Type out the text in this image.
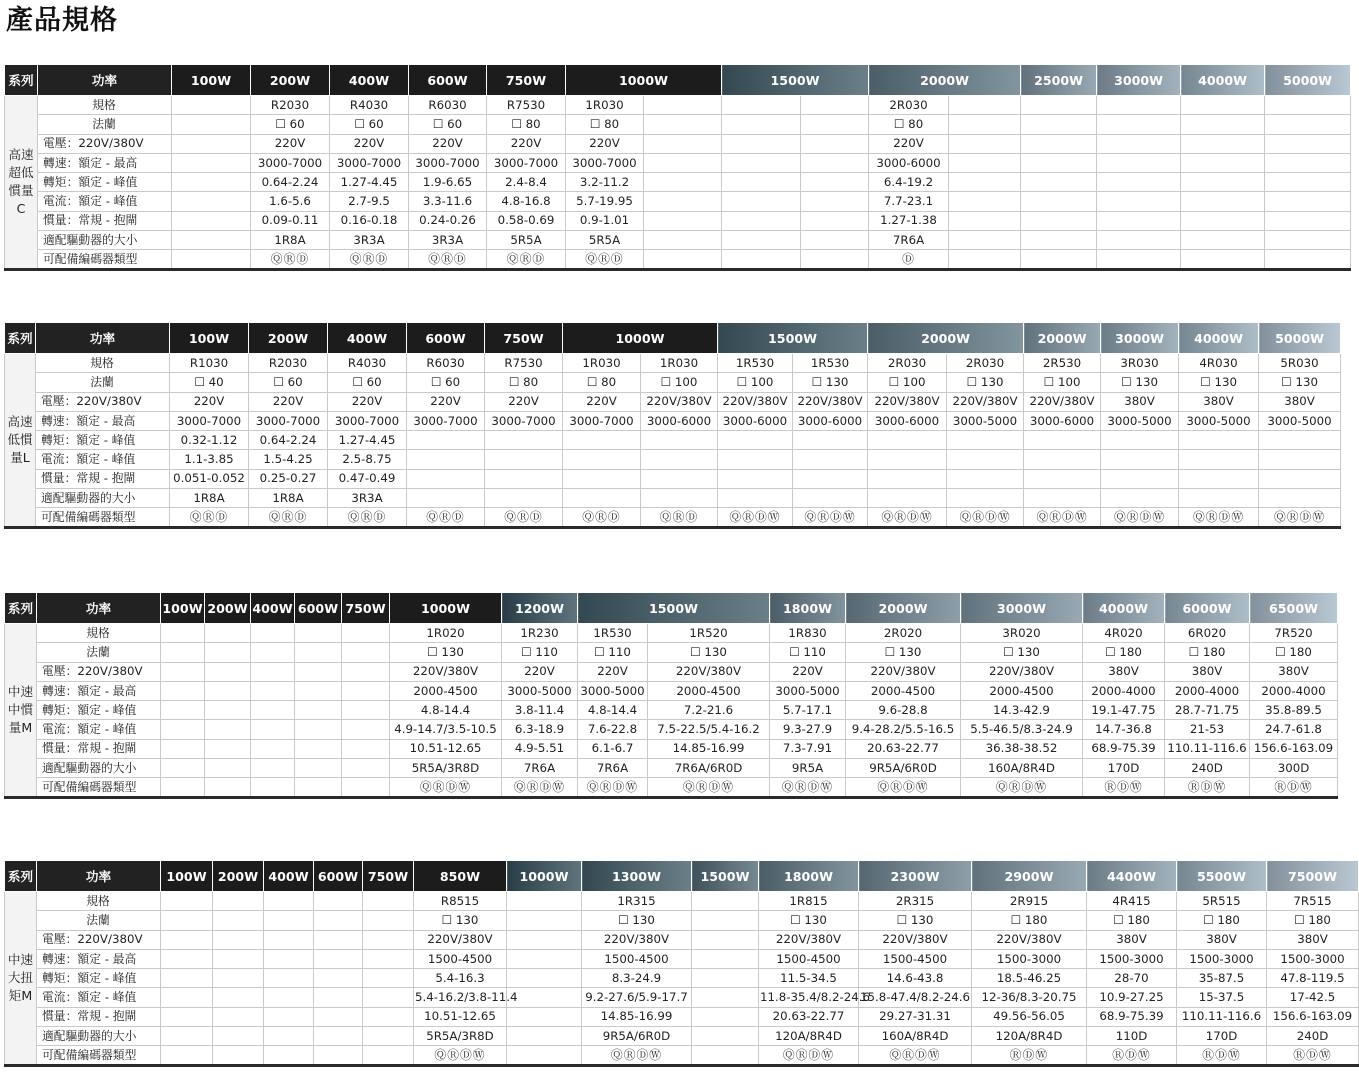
產品規格
系列	功率	100W	200W	400W	600W	750W	1000W		1500W		2000W		2500W	3000W	4000W	5000W
高速超低慣量C	規格		R2030	R4030	R6030	R7530	1R030				2R030					
	法蘭		☐ 60	☐ 60	☐ 60	☐ 80	☐ 80				☐ 80					
	電壓：220V/380V		220V	220V	220V	220V	220V				220V					
	轉速：額定 - 最高		3000-7000	3000-7000	3000-7000	3000-7000	3000-7000				3000-6000					
	轉矩：額定 - 峰值		0.64-2.24	1.27-4.45	1.9-6.65	2.4-8.4	3.2-11.2				6.4-19.2					
	電流：額定 - 峰值		1.6-5.6	2.7-9.5	3.3-11.6	4.8-16.8	5.7-19.95				7.7-23.1					
	慣量：常規 - 抱閘		0.09-0.11	0.16-0.18	0.24-0.26	0.58-0.69	0.9-1.01				1.27-1.38					
	適配驅動器的大小		1R8A	3R3A	3R3A	5R5A	5R5A				7R6A					
	可配備編碼器類型		ⓆⓇⒹ	ⓆⓇⒹ	ⓆⓇⒹ	ⓆⓇⒹ	ⓆⓇⒹ				Ⓓ					
系列	功率	100W	200W	400W	600W	750W	1000W		1500W		2000W		2000W	3000W	4000W	5000W
高速低慣量L	規格	R1030	R2030	R4030	R6030	R7530	1R030	1R030	1R530	1R530	2R030	2R030	2R530	3R030	4R030	5R030
	法蘭	☐ 40	☐ 60	☐ 60	☐ 60	☐ 80	☐ 80	☐ 100	☐ 100	☐ 130	☐ 100	☐ 130	☐ 100	☐ 130	☐ 130	☐ 130
	電壓：220V/380V	220V	220V	220V	220V	220V	220V	220V/380V	220V/380V	220V/380V	220V/380V	220V/380V	220V/380V	380V	380V	380V
	轉速：額定 - 最高	3000-7000	3000-7000	3000-7000	3000-7000	3000-7000	3000-7000	3000-6000	3000-6000	3000-6000	3000-6000	3000-5000	3000-6000	3000-5000	3000-5000	3000-5000
	轉矩：額定 - 峰值	0.32-1.12	0.64-2.24	1.27-4.45												
	電流：額定 - 峰值	1.1-3.85	1.5-4.25	2.5-8.75												
	慣量：常規 - 抱閘	0.051-0.052	0.25-0.27	0.47-0.49												
	適配驅動器的大小	1R8A	1R8A	3R3A												
	可配備編碼器類型	ⓆⓇⒹ	ⓆⓇⒹ	ⓆⓇⒹ	ⓆⓇⒹ	ⓆⓇⒹ	ⓆⓇⒹ	ⓆⓇⒹ	ⓆⓇⒹⓌ	ⓆⓇⒹⓌ	ⓆⓇⒹⓌ	ⓆⓇⒹⓌ	ⓆⓇⒹⓌ	ⓆⓇⒹⓌ	ⓆⓇⒹⓌ	ⓆⓇⒹⓌ
系列	功率	100W	200W	400W	600W	750W	1000W	1200W	1500W		1800W	2000W	3000W	4000W	6000W	6500W
中速中慣量M	規格						1R020	1R230	1R530	1R520	1R830	2R020	3R020	4R020	6R020	7R520
	法蘭						☐ 130	☐ 110	☐ 110	☐ 130	☐ 110	☐ 130	☐ 130	☐ 180	☐ 180	☐ 180
	電壓：220V/380V						220V/380V	220V	220V	220V/380V	220V	220V/380V	220V/380V	380V	380V	380V
	轉速：額定 - 最高						2000-4500	3000-5000	3000-5000	2000-4500	3000-5000	2000-4500	2000-4500	2000-4000	2000-4000	2000-4000
	轉矩：額定 - 峰值						4.8-14.4	3.8-11.4	4.8-14.4	7.2-21.6	5.7-17.1	9.6-28.8	14.3-42.9	19.1-47.75	28.7-71.75	35.8-89.5
	電流：額定 - 峰值						4.9-14.7/3.5-10.5	6.3-18.9	7.6-22.8	7.5-22.5/5.4-16.2	9.3-27.9	9.4-28.2/5.5-16.5	5.5-46.5/8.3-24.9	14.7-36.8	21-53	24.7-61.8
	慣量：常規 - 抱閘						10.51-12.65	4.9-5.51	6.1-6.7	14.85-16.99	7.3-7.91	20.63-22.77	36.38-38.52	68.9-75.39	110.11-116.6	156.6-163.09
	適配驅動器的大小						5R5A/3R8D	7R6A	7R6A	7R6A/6R0D	9R5A	9R5A/6R0D	160A/8R4D	170D	240D	300D
	可配備編碼器類型						ⓆⓇⒹⓌ	ⓆⓇⒹⓌ	ⓆⓇⒹⓌ	ⓆⓇⒹⓌ	ⓆⓇⒹⓌ	ⓆⓇⒹⓌ	ⓆⓇⒹⓌ	ⓇⒹⓌ	ⓇⒹⓌ	ⓇⒹⓌ
系列	功率	100W	200W	400W	600W	750W	850W	1000W	1300W	1500W	1800W	2300W	2900W	4400W	5500W	7500W
中速大扭矩M	規格						R8515		1R315		1R815	2R315	2R915	4R415	5R515	7R515
	法蘭						☐ 130		☐ 130		☐ 130	☐ 130	☐ 180	☐ 180	☐ 180	☐ 180
	電壓：220V/380V						220V/380V		220V/380V		220V/380V	220V/380V	220V/380V	380V	380V	380V
	轉速：額定 - 最高						1500-4500		1500-4500		1500-4500	1500-4500	1500-3000	1500-3000	1500-3000	1500-3000
	轉矩：額定 - 峰值						5.4-16.3		8.3-24.9		11.5-34.5	14.6-43.8	18.5-46.25	28-70	35-87.5	47.8-119.5
	電流：額定 - 峰值						5.4-16.2/3.8-11.4		9.2-27.6/5.9-17.7		11.8-35.4/8.2-24.6	15.8-47.4/8.2-24.6	12-36/8.3-20.75	10.9-27.25	15-37.5	17-42.5
	慣量：常規 - 抱閘						10.51-12.65		14.85-16.99		20.63-22.77	29.27-31.31	49.56-56.05	68.9-75.39	110.11-116.6	156.6-163.09
	適配驅動器的大小						5R5A/3R8D		9R5A/6R0D		120A/8R4D	160A/8R4D	120A/8R4D	110D	170D	240D
	可配備編碼器類型						ⓆⓇⒹⓌ		ⓆⓇⒹⓌ		ⓆⓇⒹⓌ	ⓆⓇⒹⓌ	ⓇⒹⓌ	ⓇⒹⓌ	ⓇⒹⓌ	ⓇⒹⓌ
